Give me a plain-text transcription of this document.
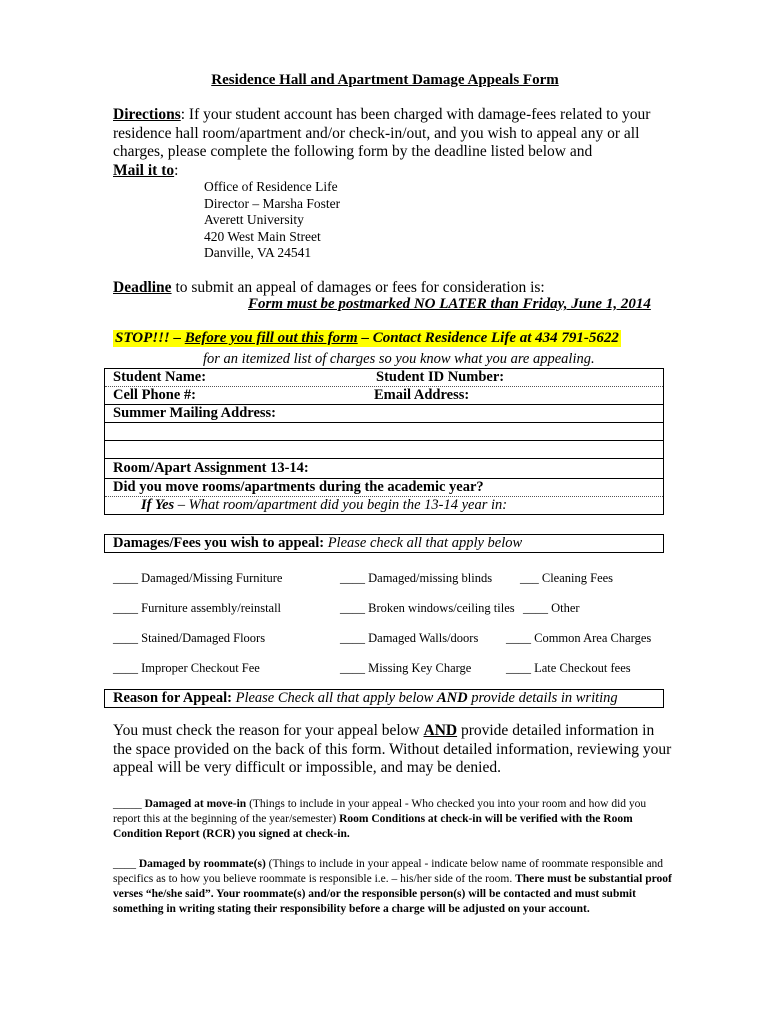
Residence Hall and Apartment Damage Appeals Form
Directions: If your student account has been charged with damage-fees related to your residence hall room/apartment and/or check-in/out, and you wish to appeal any or all charges, please complete the following form by the deadline listed below and
Mail it to:
Office of Residence Life
Director – Marsha Foster
Averett University
420 West Main Street
Danville, VA 24541
Deadline to submit an appeal of damages or fees for consideration is:
Form must be postmarked NO LATER than Friday, June 1, 2014
STOP!!! – Before you fill out this form – Contact Residence Life at 434 791-5622
for an itemized list of charges so you know what you are appealing.
Student Name:	Student ID Number:
Cell Phone #:	Email Address:
Summer Mailing Address:
Room/Apart Assignment 13-14:
Did you move rooms/apartments during the academic year?
If Yes – What room/apartment did you begin the 13-14 year in:
Damages/Fees you wish to appeal: Please check all that apply below
____ Damaged/Missing Furniture	____ Damaged/missing blinds ___ Cleaning Fees
____ Furniture assembly/reinstall	____ Broken windows/ceiling tiles ____ Other
____ Stained/Damaged Floors	____ Damaged Walls/doors ____ Common Area Charges
____ Improper Checkout Fee	____ Missing Key Charge	____ Late Checkout fees
Reason for Appeal: Please Check all that apply below AND provide details in writing
You must check the reason for your appeal below AND provide detailed information in the space provided on the back of this form. Without detailed information, reviewing your appeal will be very difficult or impossible, and may be denied.
_____ Damaged at move-in (Things to include in your appeal - Who checked you into your room and how did you report this at the beginning of the year/semester) Room Conditions at check-in will be verified with the Room Condition Report (RCR) you signed at check-in.
____ Damaged by roommate(s) (Things to include in your appeal - indicate below name of roommate responsible and specifics as to how you believe roommate is responsible i.e. – his/her side of the room. There must be substantial proof verses “he/she said”. Your roommate(s) and/or the responsible person(s) will be contacted and must submit something in writing stating their responsibility before a charge will be adjusted on your account.
